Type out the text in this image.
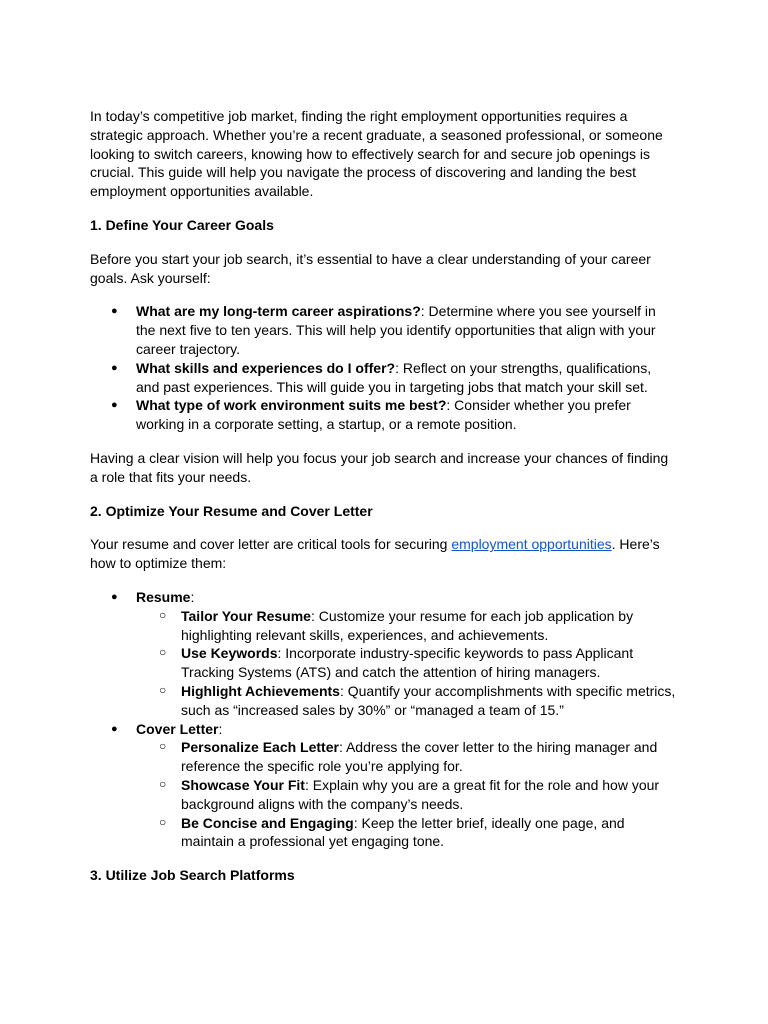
In today’s competitive job market, finding the right employment opportunities requires a strategic approach. Whether you’re a recent graduate, a seasoned professional, or someone looking to switch careers, knowing how to effectively search for and secure job openings is crucial. This guide will help you navigate the process of discovering and landing the best employment opportunities available.

1. Define Your Career Goals

Before you start your job search, it’s essential to have a clear understanding of your career goals. Ask yourself:

● What are my long-term career aspirations?: Determine where you see yourself in the next five to ten years. This will help you identify opportunities that align with your career trajectory.
● What skills and experiences do I offer?: Reflect on your strengths, qualifications, and past experiences. This will guide you in targeting jobs that match your skill set.
● What type of work environment suits me best?: Consider whether you prefer working in a corporate setting, a startup, or a remote position.

Having a clear vision will help you focus your job search and increase your chances of finding a role that fits your needs.

2. Optimize Your Resume and Cover Letter

Your resume and cover letter are critical tools for securing employment opportunities. Here’s how to optimize them:

● Resume:
○ Tailor Your Resume: Customize your resume for each job application by highlighting relevant skills, experiences, and achievements.
○ Use Keywords: Incorporate industry-specific keywords to pass Applicant Tracking Systems (ATS) and catch the attention of hiring managers.
○ Highlight Achievements: Quantify your accomplishments with specific metrics, such as “increased sales by 30%” or “managed a team of 15.”
● Cover Letter:
○ Personalize Each Letter: Address the cover letter to the hiring manager and reference the specific role you’re applying for.
○ Showcase Your Fit: Explain why you are a great fit for the role and how your background aligns with the company’s needs.
○ Be Concise and Engaging: Keep the letter brief, ideally one page, and maintain a professional yet engaging tone.

3. Utilize Job Search Platforms
